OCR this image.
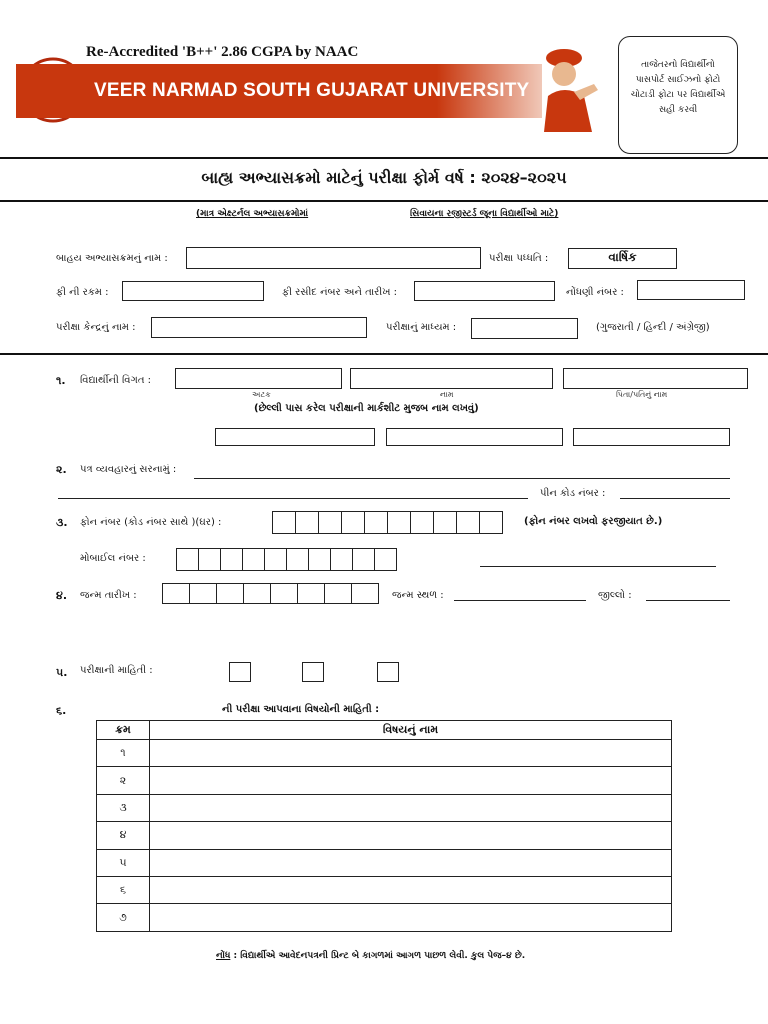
Re-Accredited 'B++' 2.86 CGPA by NAAC
VEER NARMAD SOUTH GUJARAT UNIVERSITY
તાજેતરનો વિદ્યાર્થીનો પાસપોર્ટ સાઈઝનો ફોટો ચોટાડી ફોટા પર વિદ્યાર્થીએ સહી કરવી
બાહ્ય અભ્યાસક્રમો માટેનું પરીક્ષા ફોર્મ વર્ષ : ૨૦૨૪–૨૦૨૫
(માત્ર એક્ષ્ટર્નલ અભ્યાસક્રમોમાં	સિવાયના રજીસ્ટર્ડ જૂના વિદ્યાર્થીઓ માટે)
બાહય અભ્યાસક્રમનું નામ :	પરીક્ષા પધ્ધતિ :	વાર્ષિક
ફી ની રકમ :	ફી રસીદ નંબર અને તારીખ :	નોંધણી નંબર :
પરીક્ષા કેન્દ્રનું નામ :	પરીક્ષાનું માધ્યમ :	(ગુજરાતી / હિન્દી / અંગ્રેજી)
૧. વિદ્યાર્થીની વિગત :
અટક	નામ	પિતા/પતિનું નામ
(છેલ્લી પાસ કરેલ પરીક્ષાની માર્કશીટ મુજબ નામ લખવું)
૨. પત્ર વ્યવહારનું સરનામું :
પીન કોડ નંબર :
૩. ફોન નંબર (કોડ નંબર સાથે )(ઘર) :	(ફોન નંબર લખવો ફરજીયાત છે.)
મોબાઈલ નંબર :
૪. જન્મ તારીખ :	જન્મ સ્થળ :	જીલ્લો :
૫. પરીક્ષાની માહિતી :
૬.	ની પરીક્ષા આપવાના વિષયોની માહિતી :
ક્રમ	વિષયનું નામ
૧	
૨	
૩	
૪	
૫	
૬	
૭	
નોંધ : વિદ્યાર્થીએ આવેદનપત્રની પ્રિન્ટ બે કાગળમાં આગળ પાછળ લેવી. કુલ પેજ–૪ છે.
